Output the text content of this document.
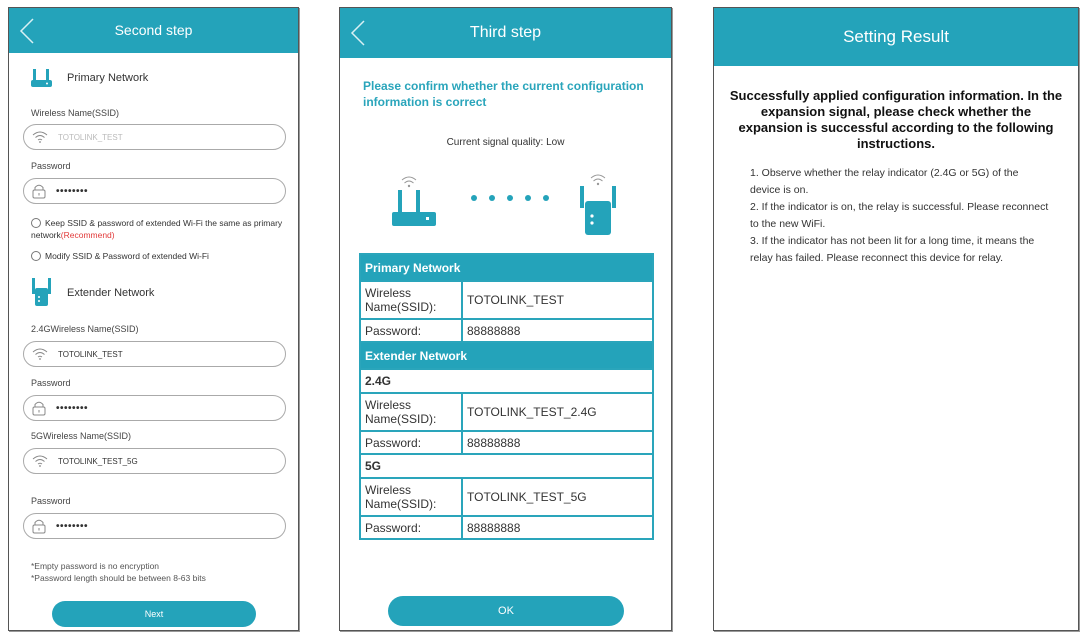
Second step
Primary Network
Wireless Name(SSID)
TOTOLINK_TEST
Password
••••••••
Keep SSID & password of extended Wi-Fi the same as primary network(Recommend)
Modify SSID & Password of extended Wi-Fi
Extender Network
2.4GWireless Name(SSID)
TOTOLINK_TEST
Password
••••••••
5GWireless Name(SSID)
TOTOLINK_TEST_5G
Password
••••••••
*Empty password is no encryption
*Password length should be between 8-63 bits
Next
Third step
Please confirm whether the current configuration information is correct
Current signal quality: Low
Primary Network	
Wireless Name(SSID):	TOTOLINK_TEST
Password:	88888888
Extender Network	
2.4G	
Wireless Name(SSID):	TOTOLINK_TEST_2.4G
Password:	88888888
5G	
Wireless Name(SSID):	TOTOLINK_TEST_5G
Password:	88888888
OK
Setting Result
Successfully applied configuration information. In the expansion signal, please check whether the expansion is successful according to the following instructions.
1. Observe whether the relay indicator (2.4G or 5G) of the device is on.
2. If the indicator is on, the relay is successful. Please reconnect to the new WiFi.
3. If the indicator has not been lit for a long time, it means the relay has failed. Please reconnect this device for relay.
